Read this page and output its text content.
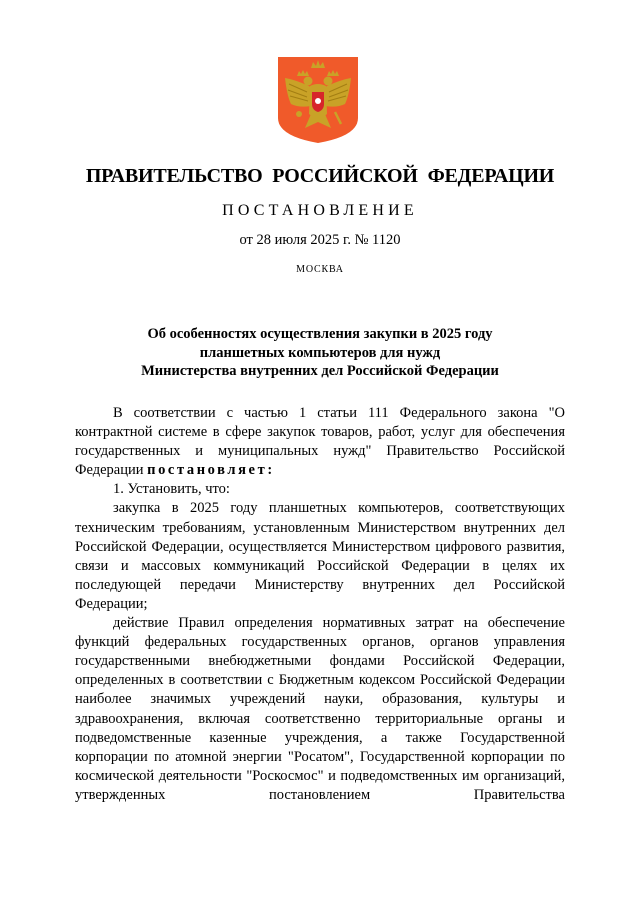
ПРАВИТЕЛЬСТВО РОССИЙСКОЙ ФЕДЕРАЦИИ
ПОСТАНОВЛЕНИЕ
от 28 июля 2025 г. № 1120
МОСКВА
Об особенностях осуществления закупки в 2025 году
планшетных компьютеров для нужд
Министерства внутренних дел Российской Федерации

В соответствии с частью 1 статьи 111 Федерального закона "О контрактной системе в сфере закупок товаров, работ, услуг для обеспечения государственных и муниципальных нужд" Правительство Российской Федерации постановляет:

1. Установить, что:

закупка в 2025 году планшетных компьютеров, соответствующих техническим требованиям, установленным Министерством внутренних дел Российской Федерации, осуществляется Министерством цифрового развития, связи и массовых коммуникаций Российской Федерации в целях их последующей передачи Министерству внутренних дел Российской Федерации;

действие Правил определения нормативных затрат на обеспечение функций федеральных государственных органов, органов управления государственными внебюджетными фондами Российской Федерации, определенных в соответствии с Бюджетным кодексом Российской Федерации наиболее значимых учреждений науки, образования, культуры и здравоохранения, включая соответственно территориальные органы и подведомственные казенные учреждения, а также Государственной корпорации по атомной энергии "Росатом", Государственной корпорации по космической деятельности "Роскосмос" и подведомственных им организаций, утвержденных постановлением Правительства
